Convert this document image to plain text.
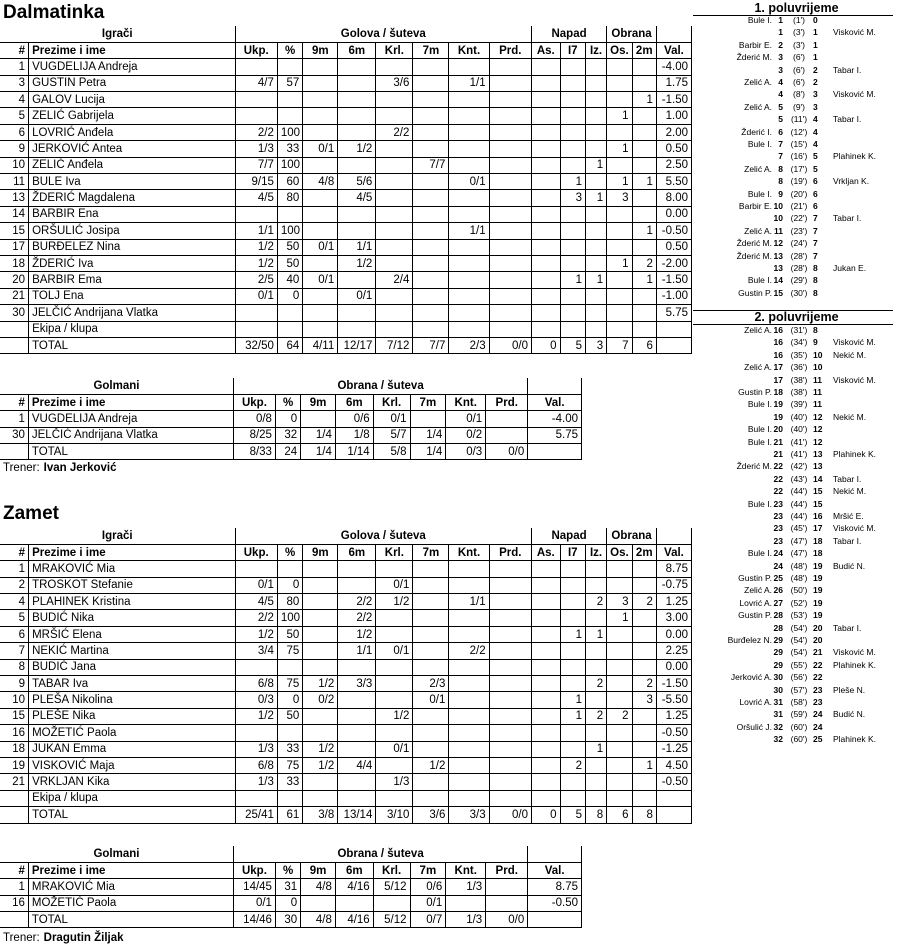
Dalmatinka
Igrači		Golova / šuteva								Napad			Obrana		
#	Prezime i ime	Ukp.	%	9m	6m	Krl.	7m	Knt.	Prd.	As.	I7	Iz.	Os.	2m	Val.
1	VUGDELIJA Andreja														-4.00
3	GUSTIN Petra	4/7	57			3/6		1/1							1.75
4	GALOV Lucija													1	-1.50
5	ZELIĆ Gabrijela												1		1.00
6	LOVRIĆ Anđela	2/2	100			2/2									2.00
9	JERKOVIĆ Antea	1/3	33	0/1	1/2								1		0.50
10	ZELIĆ Anđela	7/7	100				7/7					1			2.50
11	BULE Iva	9/15	60	4/8	5/6			0/1			1		1	1	5.50
13	ŽDERIĆ Magdalena	4/5	80		4/5						3	1	3		8.00
14	BARBIR Ena														0.00
15	ORŠULIĆ Josipa	1/1	100					1/1						1	-0.50
17	BURĐELEZ Nina	1/2	50	0/1	1/1										0.50
18	ŽDERIĆ Iva	1/2	50		1/2								1	2	-2.00
20	BARBIR Ema	2/5	40	0/1		2/4					1	1		1	-1.50
21	TOLJ Ena	0/1	0		0/1										-1.00
30	JELČIĆ Andrijana Vlatka														5.75
	Ekipa / klupa														
	TOTAL	32/50	64	4/11	12/17	7/12	7/7	2/3	0/0	0	5	3	7	6	
Golmani		Obrana / šuteva								
#	Prezime i ime	Ukp.	%	9m	6m	Krl.	7m	Knt.	Prd.	Val.
1	VUGDELIJA Andreja	0/8	0		0/6	0/1		0/1		-4.00
30	JELČIĆ Andrijana Vlatka	8/25	32	1/4	1/8	5/7	1/4	0/2		5.75
	TOTAL	8/33	24	1/4	1/14	5/8	1/4	0/3	0/0	
Trener: Ivan Jerković
Zamet
Igrači		Golova / šuteva								Napad			Obrana		
#	Prezime i ime	Ukp.	%	9m	6m	Krl.	7m	Knt.	Prd.	As.	I7	Iz.	Os.	2m	Val.
1	MRAKOVIĆ Mia														8.75
2	TROSKOT Stefanie	0/1	0			0/1									-0.75
4	PLAHINEK Kristina	4/5	80		2/2	1/2		1/1				2	3	2	1.25
5	BUDIĆ Nika	2/2	100		2/2								1		3.00
6	MRŠIĆ Elena	1/2	50		1/2						1	1			0.00
7	NEKIĆ Martina	3/4	75		1/1	0/1		2/2							2.25
8	BUDIĆ Jana														0.00
9	TABAR Iva	6/8	75	1/2	3/3		2/3					2		2	-1.50
10	PLEŠA Nikolina	0/3	0	0/2			0/1				1			3	-5.50
15	PLEŠE Nika	1/2	50			1/2					1	2	2		1.25
16	MOŽETIĆ Paola														-0.50
18	JUKAN Emma	1/3	33	1/2		0/1						1			-1.25
19	VISKOVIĆ Maja	6/8	75	1/2	4/4		1/2				2			1	4.50
21	VRKLJAN Kika	1/3	33			1/3									-0.50
	Ekipa / klupa														
	TOTAL	25/41	61	3/8	13/14	3/10	3/6	3/3	0/0	0	5	8	6	8	
Golmani		Obrana / šuteva								
#	Prezime i ime	Ukp.	%	9m	6m	Krl.	7m	Knt.	Prd.	Val.
1	MRAKOVIĆ Mia	14/45	31	4/8	4/16	5/12	0/6	1/3		8.75
16	MOŽETIĆ Paola	0/1	0				0/1			-0.50
	TOTAL	14/46	30	4/8	4/16	5/12	0/7	1/3	0/0	
Trener: Dragutin Žiljak
1. poluvrijeme
Bule I. 1	(1') 0
1	(3') 1	Visković M.
Barbir E. 2	(3') 1
Žderić M. 3	(6') 1
3	(6') 2	Tabar I.
Zelić A. 4	(6') 2
4	(8') 3	Visković M.
Zelić A. 5	(9') 3
5 (11') 4	Tabar I.
Žderić I. 6 (12') 4
Bule I. 7 (15') 4
7 (16') 5	Plahinek K.
Zelić A. 8 (17') 5
8 (19') 6	Vrkljan K.
Bule I. 9 (20') 6
Barbir E. 10 (21') 6
10 (22') 7	Tabar I.
Zelić A. 11 (23') 7
Žderić M. 12 (24') 7
Žderić M. 13 (28') 7
13 (28') 8	Jukan E.
Bule I. 14 (29') 8
Gustin P. 15 (30') 8
2. poluvrijeme
Zelić A. 16 (31') 8
16 (34') 9	Visković M.
16 (35') 10 Nekić M.
Zelić A. 17 (36') 10
17 (38') 11 Visković M.
Gustin P. 18 (38') 11
Bule I. 19 (39') 11
19 (40') 12 Nekić M.
Bule I. 20 (40') 12
Bule I. 21 (41') 12
21 (41') 13 Plahinek K.
Žderić M. 22 (42') 13
22 (43') 14 Tabar I.
22 (44') 15 Nekić M.
Bule I. 23 (44') 15
23 (44') 16 Mršić E.
23 (45') 17 Visković M.
23 (47') 18 Tabar I.
Bule I. 24 (47') 18
24 (48') 19 Budić N.
Gustin P. 25 (48') 19
Zelić A. 26 (50') 19
Lovrić A. 27 (52') 19
Gustin P. 28 (53') 19
28 (54') 20 Tabar I.
Burđelez N. 29 (54') 20
29 (54') 21 Visković M.
29 (55') 22 Plahinek K.
Jerković A. 30 (56') 22
30 (57') 23 Pleše N.
Lovrić A. 31 (58') 23
31 (59') 24 Budić N.
Oršulić J. 32 (60') 24
32 (60') 25 Plahinek K.
